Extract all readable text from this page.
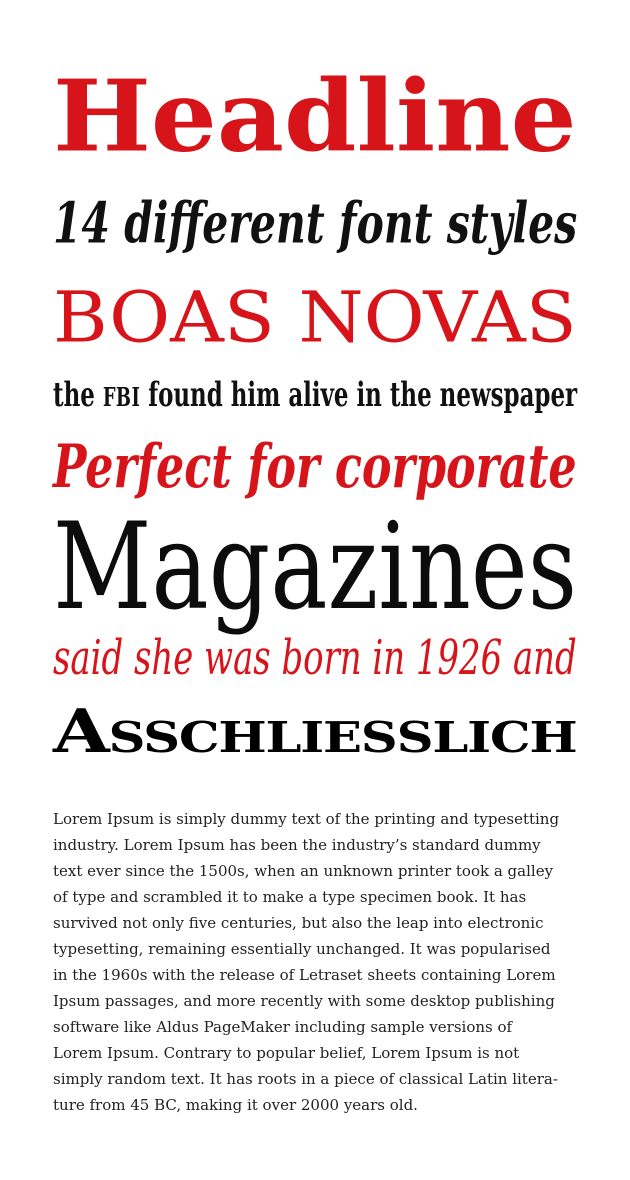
Headline
14 different font styles
BOAS NOVAS
the FBI found him alive in the newspaper
Perfect for corporate
Magazines
said she was born in 1926 and
Asschließlich
Lorem Ipsum is simply dummy text of the printing and typesetting
industry. Lorem Ipsum has been the industry’s standard dummy
text ever since the 1500s, when an unknown printer took a galley
of type and scrambled it to make a type specimen book. It has
survived not only five centuries, but also the leap into electronic
typesetting, remaining essentially unchanged. It was popularised
in the 1960s with the release of Letraset sheets containing Lorem
Ipsum passages, and more recently with some desktop publishing
software like Aldus PageMaker including sample versions of
Lorem Ipsum. Contrary to popular belief, Lorem Ipsum is not
simply random text. It has roots in a piece of classical Latin litera-
ture from 45 BC, making it over 2000 years old.
